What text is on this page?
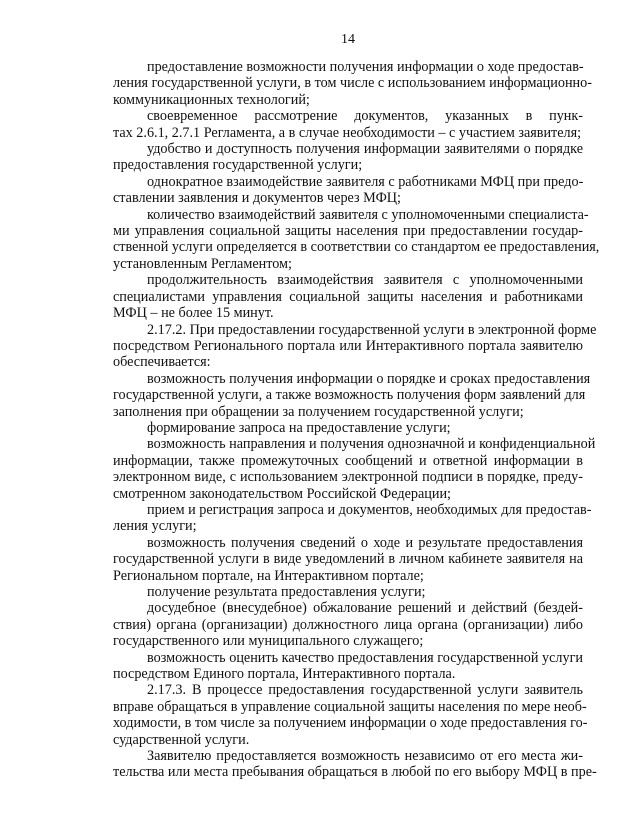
14
предоставление возможности получения информации о ходе предостав-
ления государственной услуги, в том числе с использованием информационно-
коммуникационных технологий;
своевременное рассмотрение документов, указанных в пунк-
тах 2.6.1, 2.7.1 Регламента, а в случае необходимости – с участием заявителя;
удобство и доступность получения информации заявителями о порядке
предоставления государственной услуги;
однократное взаимодействие заявителя с работниками МФЦ при предо-
ставлении заявления и документов через МФЦ;
количество взаимодействий заявителя с уполномоченными специалиста-
ми управления социальной защиты населения при предоставлении государ-
ственной услуги определяется в соответствии со стандартом ее предоставления,
установленным Регламентом;
продолжительность взаимодействия заявителя с уполномоченными
специалистами управления социальной защиты населения и работниками
МФЦ – не более 15 минут.
2.17.2. При предоставлении государственной услуги в электронной форме
посредством Регионального портала или Интерактивного портала заявителю
обеспечивается:
возможность получения информации о порядке и сроках предоставления
государственной услуги, а также возможность получения форм заявлений для
заполнения при обращении за получением государственной услуги;
формирование запроса на предоставление услуги;
возможность направления и получения однозначной и конфиденциальной
информации, также промежуточных сообщений и ответной информации в
электронном виде, с использованием электронной подписи в порядке, преду-
смотренном законодательством Российской Федерации;
прием и регистрация запроса и документов, необходимых для предостав-
ления услуги;
возможность получения сведений о ходе и результате предоставления
государственной услуги в виде уведомлений в личном кабинете заявителя на
Региональном портале, на Интерактивном портале;
получение результата предоставления услуги;
досудебное (внесудебное) обжалование решений и действий (бездей-
ствия) органа (организации) должностного лица органа (организации) либо
государственного или муниципального служащего;
возможность оценить качество предоставления государственной услуги
посредством Единого портала, Интерактивного портала.
2.17.3. В процессе предоставления государственной услуги заявитель
вправе обращаться в управление социальной защиты населения по мере необ-
ходимости, в том числе за получением информации о ходе предоставления го-
сударственной услуги.
Заявителю предоставляется возможность независимо от его места жи-
тельства или места пребывания обращаться в любой по его выбору МФЦ в пре-
